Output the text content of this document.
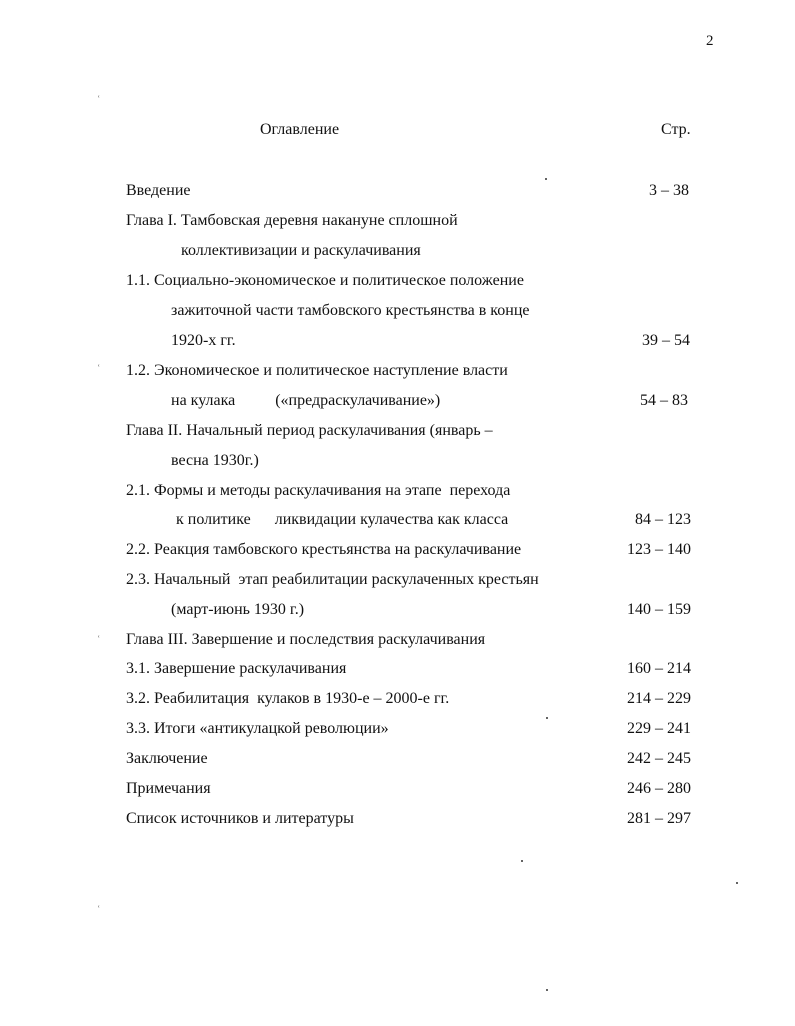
2
Оглавление	Стр.
Введение	3 – 38
Глава I. Тамбовская деревня накануне сплошной
коллективизации и раскулачивания
1.1. Социально-экономическое и политическое положение
зажиточной части тамбовского крестьянства в конце
1920-х гг.	39 – 54
1.2. Экономическое и политическое наступление власти
на кулака          («предраскулачивание»)	54 – 83
Глава II. Начальный период раскулачивания (январь –
весна 1930г.)
2.1. Формы и методы раскулачивания на этапе  перехода
к политике      ликвидации кулачества как класса	84 – 123
2.2. Реакция тамбовского крестьянства на раскулачивание	123 – 140
2.3. Начальный  этап реабилитации раскулаченных крестьян
(март-июнь 1930 г.)	140 – 159
Глава III. Завершение и последствия раскулачивания
3.1. Завершение раскулачивания	160 – 214
3.2. Реабилитация  кулаков в 1930-е – 2000-е гг.	214 – 229
3.3. Итоги «антикулацкой революции»	229 – 241
Заключение	242 – 245
Примечания	246 – 280
Список источников и литературы	281 – 297
ʿ
ʿ
ʿ
ʿ
